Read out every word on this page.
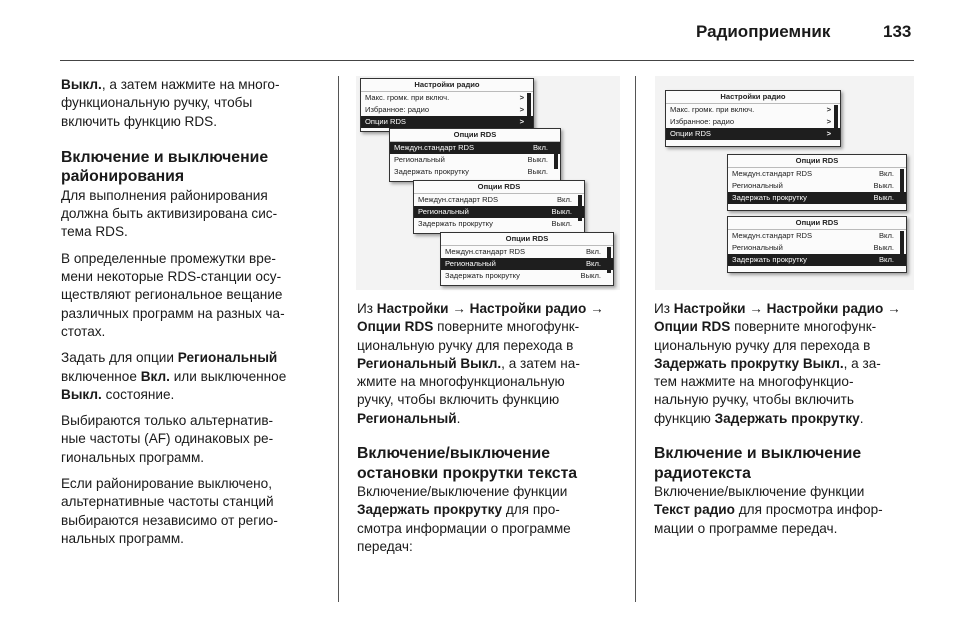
Радиоприемник	133

Выкл., а затем нажмите на много-
функциональную ручку, чтобы
включить функцию RDS.

Включение и выключение
районирования

Для выполнения районирования
должна быть активизирована сис-
тема RDS.

В определенные промежутки вре-
мени некоторые RDS-станции осу-
ществляют региональное вещание
различных программ на разных ча-
стотах.

Задать для опции Региональный
включенное Вкл. или выключенное
Выкл. состояние.

Выбираются только альтернатив-
ные частоты (AF) одинаковых ре-
гиональных программ.

Если районирование выключено,
альтернативные частоты станций
выбираются независимо от регио-
нальных программ.

Настройки радио
Макс. громк. при включ.	>
Избранное: радио	>
Опции RDS	>
Опции RDS
Междун.стандарт RDS	Вкл.
Региональный	Выкл.
Задержать прокрутку	Выкл.
Опции RDS
Междун.стандарт RDS	Вкл.
Региональный	Выкл.
Задержать прокрутку	Выкл.
Опции RDS
Междун.стандарт RDS	Вкл.
Региональный	Вкл.
Задержать прокрутку	Выкл.

Из Настройки → Настройки радио →
Опции RDS поверните многофунк-
циональную ручку для перехода в
Региональный Выкл., а затем на-
жмите на многофункциональную
ручку, чтобы включить функцию
Региональный.

Включение/выключение
остановки прокрутки текста

Включение/выключение функции
Задержать прокрутку для про-
смотра информации о программе
передач:

Настройки радио
Макс. громк. при включ.	>
Избранное: радио	>
Опции RDS	>
Опции RDS
Междун.стандарт RDS	Вкл.
Региональный	Выкл.
Задержать прокрутку	Выкл.
Опции RDS
Междун.стандарт RDS	Вкл.
Региональный	Выкл.
Задержать прокрутку	Вкл.

Из Настройки → Настройки радио →
Опции RDS поверните многофунк-
циональную ручку для перехода в
Задержать прокрутку Выкл., а за-
тем нажмите на многофункцио-
нальную ручку, чтобы включить
функцию Задержать прокрутку.

Включение и выключение
радиотекста

Включение/выключение функции
Текст радио для просмотра инфор-
мации о программе передач.
